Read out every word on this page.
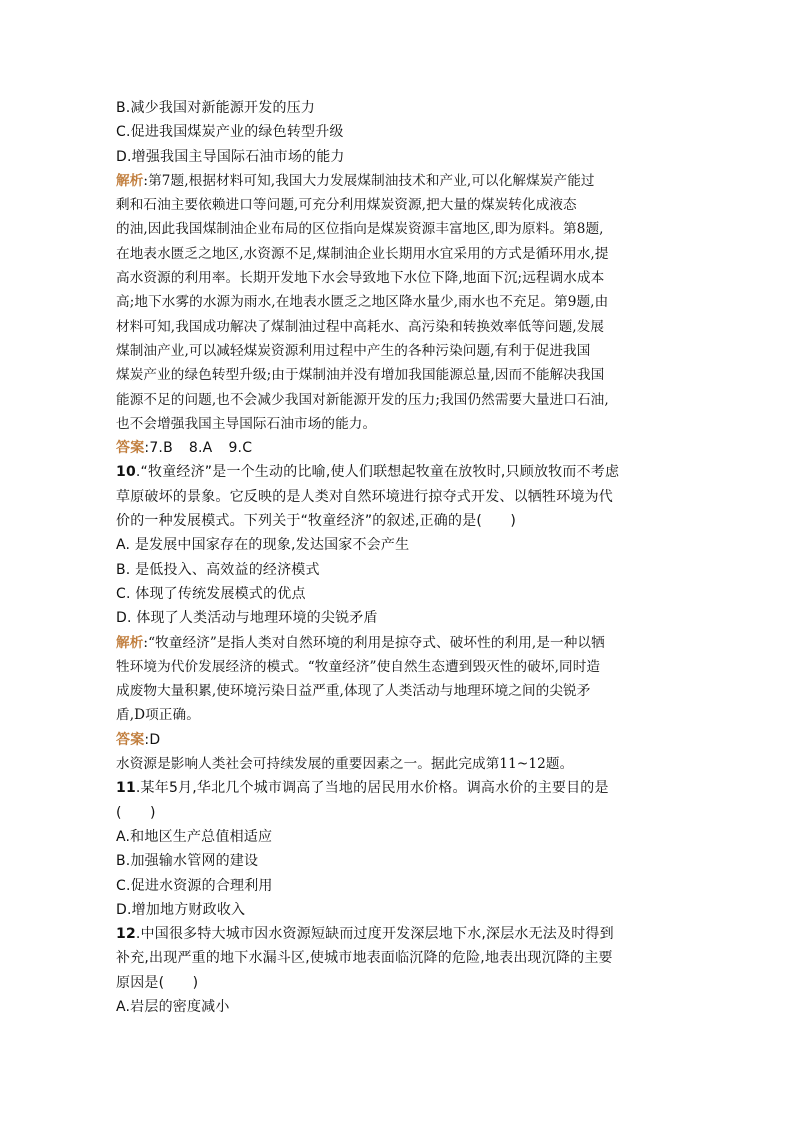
B.减少我国对新能源开发的压力
C.促进我国煤炭产业的绿色转型升级
D.增强我国主导国际石油市场的能力
解析:第7题,根据材料可知,我国大力发展煤制油技术和产业,可以化解煤炭产能过
剩和石油主要依赖进口等问题,可充分利用煤炭资源,把大量的煤炭转化成液态
的油,因此我国煤制油企业布局的区位指向是煤炭资源丰富地区,即为原料。第8题,
在地表水匮乏之地区,水资源不足,煤制油企业长期用水宜采用的方式是循环用水,提
高水资源的利用率。长期开发地下水会导致地下水位下降,地面下沉;远程调水成本
高;地下水雾的水源为雨水,在地表水匮乏之地区降水量少,雨水也不充足。第9题,由
材料可知,我国成功解决了煤制油过程中高耗水、高污染和转换效率低等问题,发展
煤制油产业,可以减轻煤炭资源利用过程中产生的各种污染问题,有利于促进我国
煤炭产业的绿色转型升级;由于煤制油并没有增加我国能源总量,因而不能解决我国
能源不足的问题,也不会减少我国对新能源开发的压力;我国仍然需要大量进口石油,
也不会增强我国主导国际石油市场的能力。
答案:7.B 8.A 9.C
10.“牧童经济”是一个生动的比喻,使人们联想起牧童在放牧时,只顾放牧而不考虑
草原破坏的景象。它反映的是人类对自然环境进行掠夺式开发、以牺牲环境为代
价的一种发展模式。下列关于“牧童经济”的叙述,正确的是(　　)
A. 是发展中国家存在的现象,发达国家不会产生
B. 是低投入、高效益的经济模式
C. 体现了传统发展模式的优点
D. 体现了人类活动与地理环境的尖锐矛盾
解析:“牧童经济”是指人类对自然环境的利用是掠夺式、破坏性的利用,是一种以牺
牲环境为代价发展经济的模式。“牧童经济”使自然生态遭到毁灭性的破坏,同时造
成废物大量积累,使环境污染日益严重,体现了人类活动与地理环境之间的尖锐矛
盾,D项正确。
答案:D
水资源是影响人类社会可持续发展的重要因素之一。据此完成第11~12题。
11.某年5月,华北几个城市调高了当地的居民用水价格。调高水价的主要目的是
(　　)
A.和地区生产总值相适应
B.加强输水管网的建设
C.促进水资源的合理利用
D.增加地方财政收入
12.中国很多特大城市因水资源短缺而过度开发深层地下水,深层水无法及时得到
补充,出现严重的地下水漏斗区,使城市地表面临沉降的危险,地表出现沉降的主要
原因是(　　)
A.岩层的密度减小
